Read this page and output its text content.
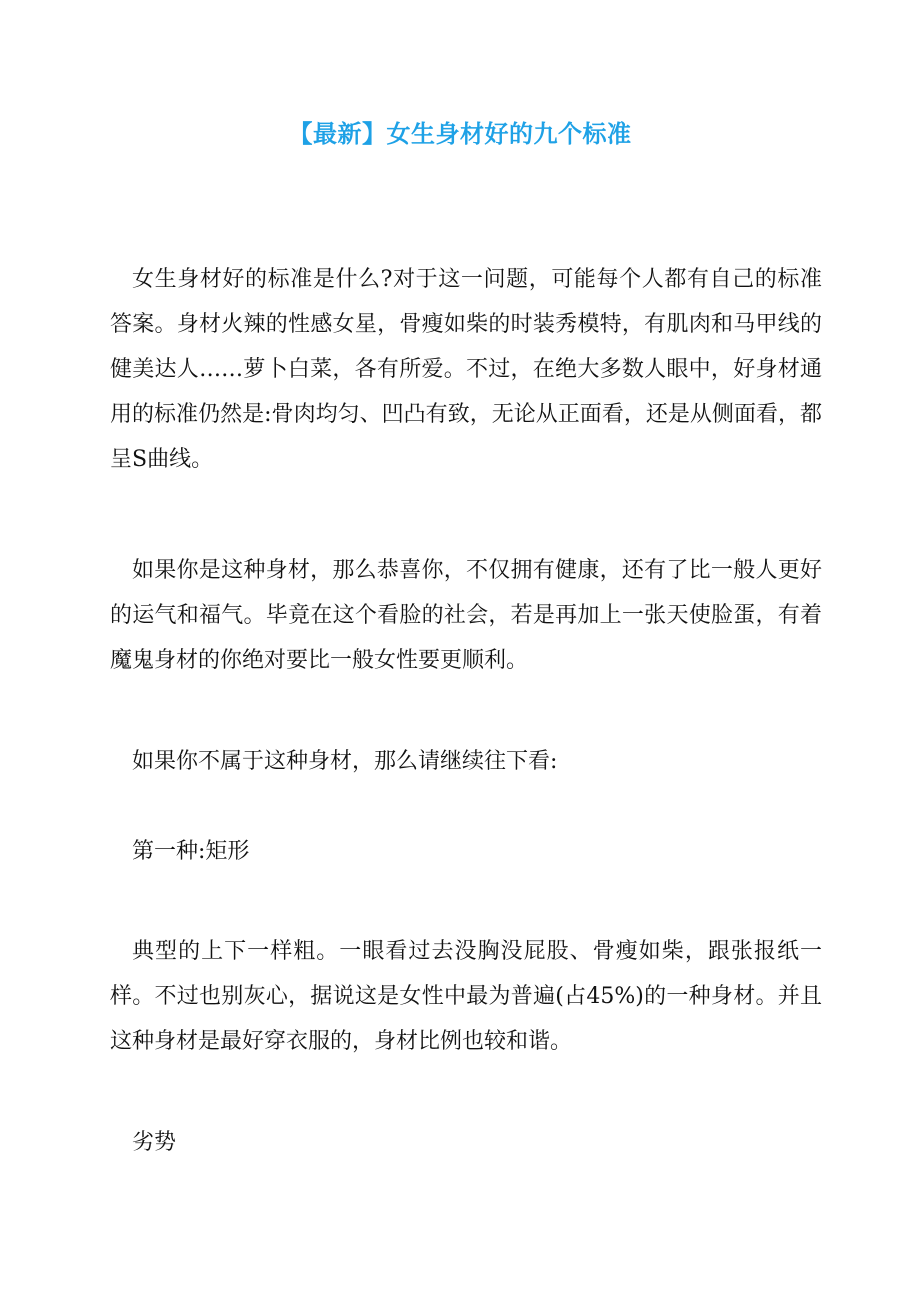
【最新】女生身材好的九个标准

女生身材好的标准是什么?对于这一问题，可能每个人都有自己的标准答案。身材火辣的性感女星，骨瘦如柴的时装秀模特，有肌肉和马甲线的健美达人……萝卜白菜，各有所爱。不过，在绝大多数人眼中，好身材通用的标准仍然是:骨肉均匀、凹凸有致，无论从正面看，还是从侧面看，都呈S曲线。

如果你是这种身材，那么恭喜你，不仅拥有健康，还有了比一般人更好的运气和福气。毕竟在这个看脸的社会，若是再加上一张天使脸蛋，有着魔鬼身材的你绝对要比一般女性要更顺利。

如果你不属于这种身材，那么请继续往下看:

第一种:矩形

典型的上下一样粗。一眼看过去没胸没屁股、骨瘦如柴，跟张报纸一样。不过也别灰心，据说这是女性中最为普遍(占45%)的一种身材。并且这种身材是最好穿衣服的，身材比例也较和谐。

劣势
